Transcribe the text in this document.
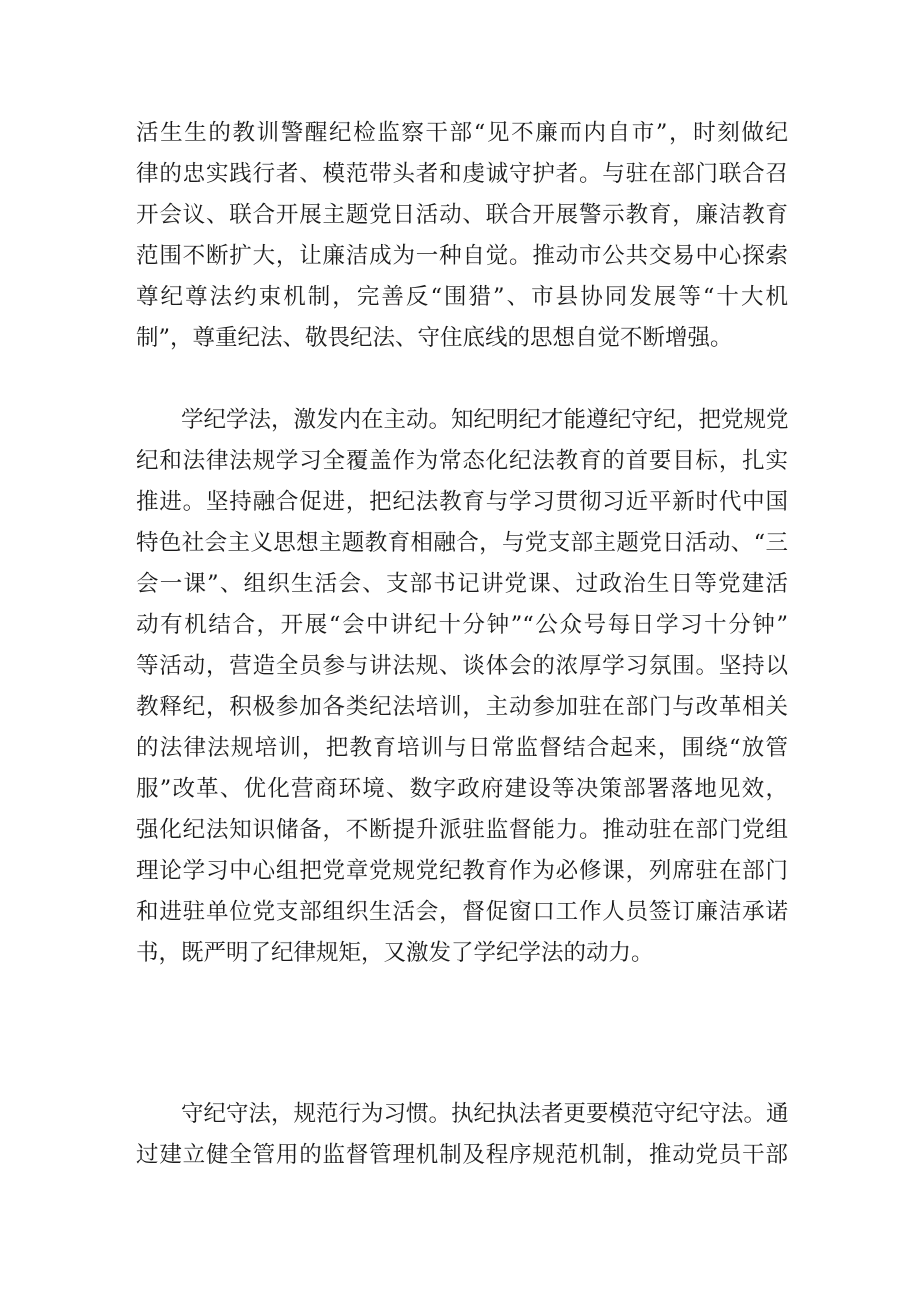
活生生的教训警醒纪检监察干部“见不廉而内自市”，时刻做纪
律的忠实践行者、模范带头者和虔诚守护者。与驻在部门联合召
开会议、联合开展主题党日活动、联合开展警示教育，廉洁教育
范围不断扩大，让廉洁成为一种自觉。推动市公共交易中心探索
尊纪尊法约束机制，完善反“围猎”、市县协同发展等“十大机
制”，尊重纪法、敬畏纪法、守住底线的思想自觉不断增强。
学纪学法，激发内在主动。知纪明纪才能遵纪守纪，把党规党
纪和法律法规学习全覆盖作为常态化纪法教育的首要目标，扎实
推进。坚持融合促进，把纪法教育与学习贯彻习近平新时代中国
特色社会主义思想主题教育相融合，与党支部主题党日活动、“三
会一课”、组织生活会、支部书记讲党课、过政治生日等党建活
动有机结合，开展“会中讲纪十分钟”“公众号每日学习十分钟”
等活动，营造全员参与讲法规、谈体会的浓厚学习氛围。坚持以
教释纪，积极参加各类纪法培训，主动参加驻在部门与改革相关
的法律法规培训，把教育培训与日常监督结合起来，围绕“放管
服”改革、优化营商环境、数字政府建设等决策部署落地见效，
强化纪法知识储备，不断提升派驻监督能力。推动驻在部门党组
理论学习中心组把党章党规党纪教育作为必修课，列席驻在部门
和进驻单位党支部组织生活会，督促窗口工作人员签订廉洁承诺
书，既严明了纪律规矩，又激发了学纪学法的动力。
守纪守法，规范行为习惯。执纪执法者更要模范守纪守法。通
过建立健全管用的监督管理机制及程序规范机制，推动党员干部
